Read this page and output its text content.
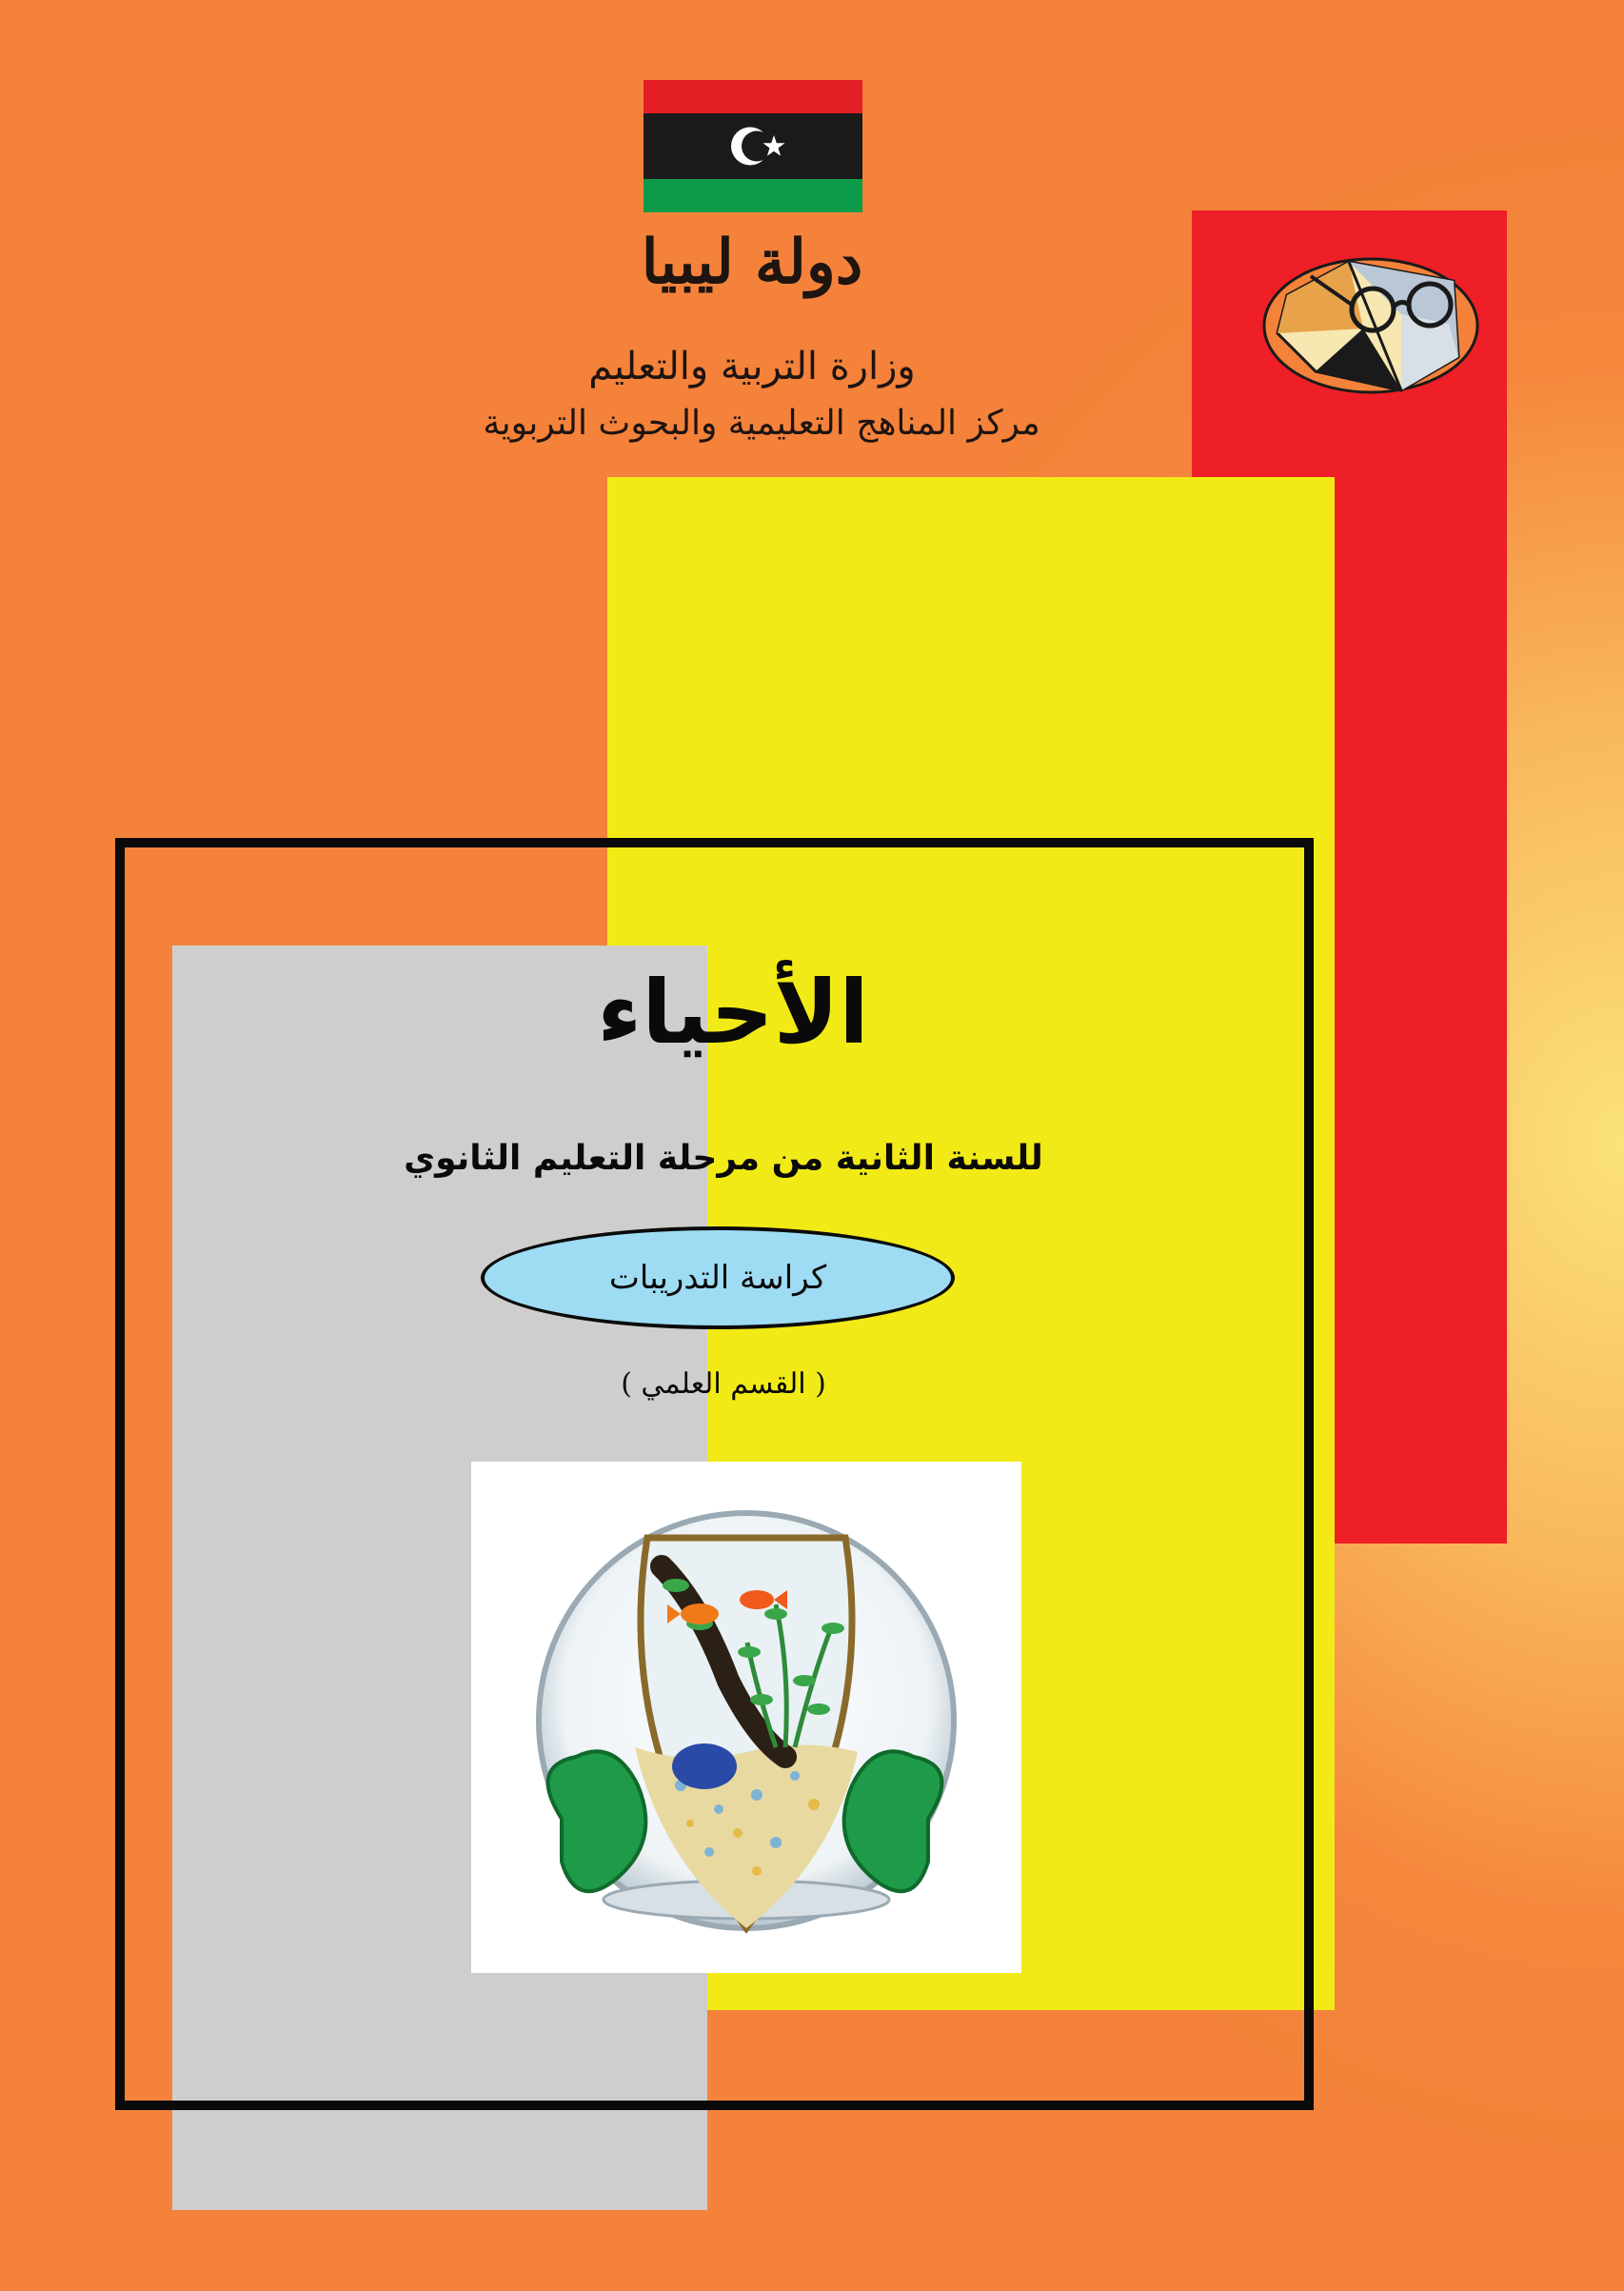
دولة ليبيا
وزارة التربية والتعليم
مركز المناهج التعليمية والبحوث التربوية
الأحياء
للسنة الثانية من مرحلة التعليم الثانوي
كراسة التدريبات
( القسم العلمي )
